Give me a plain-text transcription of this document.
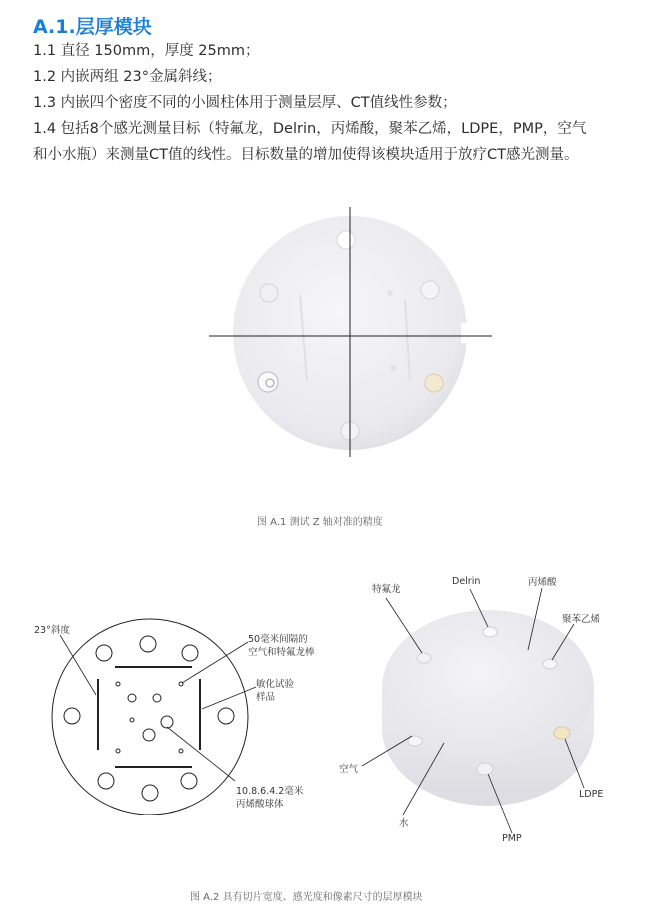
A.1.层厚模块
1.1 直径 150mm，厚度 25mm；
1.2 内嵌两组 23°金属斜线；
1.3 内嵌四个密度不同的小圆柱体用于测量层厚、CT值线性参数；
1.4 包括8个感光测量目标（特氟龙，Delrin，丙烯酸，聚苯乙烯，LDPE，PMP，空气
和小水瓶）来测量CT值的线性。目标数量的增加使得该模块适用于放疗CT感光测量。
图 A.1 测试 Z 轴对准的精度
23°斜度
50毫米间隔的
空气和特氟龙棒
敏化试验
样品
10.8.6.4.2毫米
丙烯酸球体
特氟龙
Delrin	丙烯酸
聚苯乙烯
空气
水
PMP
LDPE
图 A.2 具有切片宽度、感光度和像素尺寸的层厚模块
